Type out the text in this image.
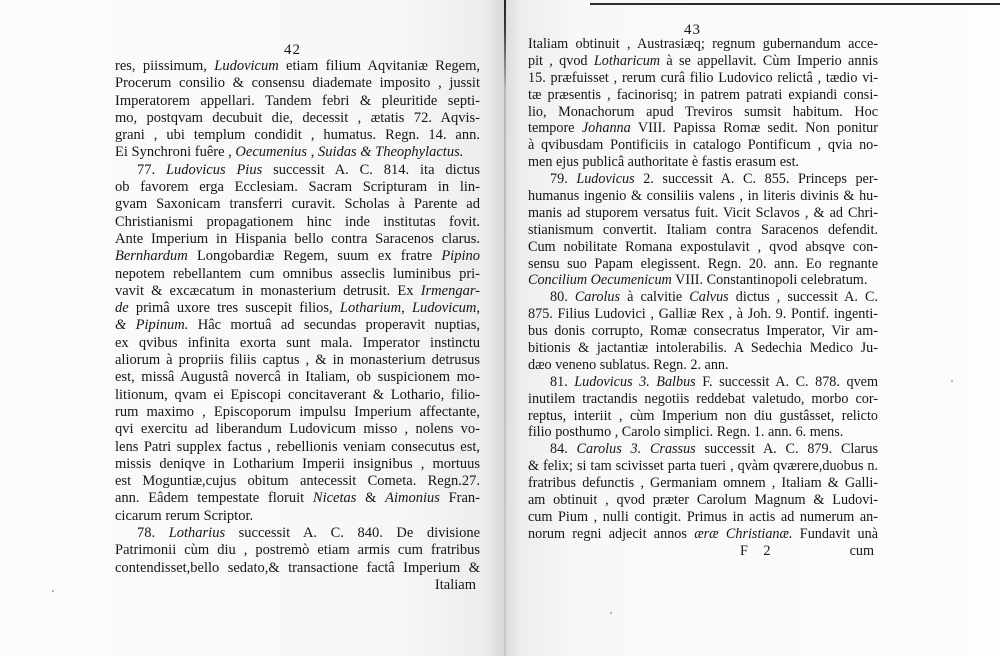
42
43
res, piissimum, Ludovicum etiam filium Aqvitaniæ Regem,
Procerum consilio & consensu diademate imposito , jussit
Imperatorem appellari. Tandem febri & pleuritide septi-
mo, postqvam decubuit die, decessit , ætatis 72. Aqvis-
grani , ubi templum condidit , humatus. Regn. 14. ann.
Ei Synchroni fuêre , Oecumenius , Suidas & Theophylactus.
77. Ludovicus Pius successit A. C. 814. ita dictus
ob favorem erga Ecclesiam. Sacram Scripturam in lin-
gvam Saxonicam transferri curavit. Scholas à Parente ad
Christianismi propagationem hinc inde institutas fovit.
Ante Imperium in Hispania bello contra Saracenos clarus.
Bernhardum Longobardiæ Regem, suum ex fratre Pipino
nepotem rebellantem cum omnibus asseclis luminibus pri-
vavit & excæcatum in monasterium detrusit. Ex Irmengar-
de primâ uxore tres suscepit filios, Lotharium, Ludovicum,
& Pipinum. Hâc mortuâ ad secundas properavit nuptias,
ex qvibus infinita exorta sunt mala. Imperator instinctu
aliorum à propriis filiis captus , & in monasterium detrusus
est, missâ Augustâ novercâ in Italiam, ob suspicionem mo-
litionum, qvam ei Episcopi concitaverant & Lothario, filio-
rum maximo , Episcoporum impulsu Imperium affectante,
qvi exercitu ad liberandum Ludovicum misso , nolens vo-
lens Patri supplex factus , rebellionis veniam consecutus est,
missis deniqve in Lotharium Imperii insignibus , mortuus
est Moguntiæ,cujus obitum antecessit Cometa. Regn.27.
ann. Eâdem tempestate floruit Nicetas & Aimonius Fran-
cicarum rerum Scriptor.
78. Lotharius successit A. C. 840. De divisione
Patrimonii cùm diu , postremò etiam armis cum fratribus
contendisset,bello sedato,& transactione factâ Imperium &
Italiam
Italiam obtinuit , Austrasiæq; regnum gubernandum acce-
pit , qvod Lotharicum à se appellavit. Cùm Imperio annis
15. præfuisset , rerum curâ filio Ludovico relictâ , tædio vi-
tæ præsentis , facinorisq; in patrem patrati expiandi consi-
lio, Monachorum apud Treviros sumsit habitum. Hoc
tempore Johanna VIII. Papissa Romæ sedit. Non ponitur
à qvibusdam Pontificiis in catalogo Pontificum , qvia no-
men ejus publicâ authoritate è fastis erasum est.
79. Ludovicus 2. successit A. C. 855. Princeps per-
humanus ingenio & consiliis valens , in literis divinis & hu-
manis ad stuporem versatus fuit. Vicit Sclavos , & ad Chri-
stianismum convertit. Italiam contra Saracenos defendit.
Cum nobilitate Romana expostulavit , qvod absqve con-
sensu suo Papam elegissent. Regn. 20. ann. Eo regnante
Concilium Oecumenicum VIII. Constantinopoli celebratum.
80. Carolus à calvitie Calvus dictus , successit A. C.
875. Filius Ludovici , Galliæ Rex , à Joh. 9. Pontif. ingenti-
bus donis corrupto, Romæ consecratus Imperator, Vir am-
bitionis & jactantiæ intolerabilis. A Sedechia Medico Ju-
dæo veneno sublatus. Regn. 2. ann.
81. Ludovicus 3. Balbus F. successit A. C. 878. qvem
inutilem tractandis negotiis reddebat valetudo, morbo cor-
reptus, interiit , cùm Imperium non diu gustâsset, relicto
filio posthumo , Carolo simplici. Regn. 1. ann. 6. mens.
84. Carolus 3. Crassus successit A. C. 879. Clarus
& felix; si tam scivisset parta tueri , qvàm qværere,duobus n.
fratribus defunctis , Germaniam omnem , Italiam & Galli-
am obtinuit , qvod præter Carolum Magnum & Ludovi-
cum Pium , nulli contigit. Primus in actis ad numerum an-
norum regni adjecit annos æræ Christianæ. Fundavit unà
F 2	cum
